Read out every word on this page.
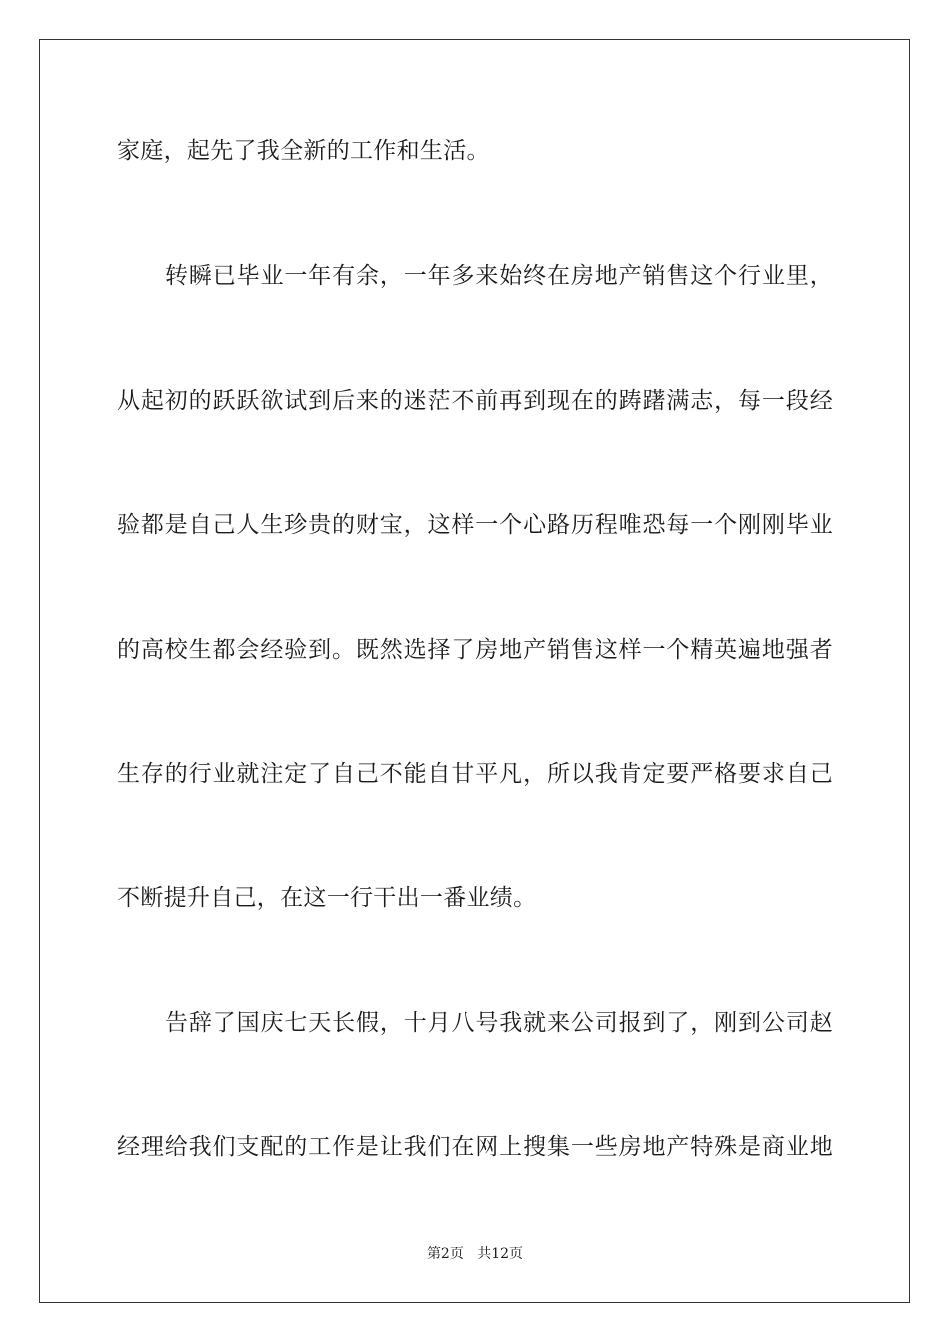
家庭，起先了我全新的工作和生活。
转瞬已毕业一年有余，一年多来始终在房地产销售这个行业里，
从起初的跃跃欲试到后来的迷茫不前再到现在的踌躇满志，每一段经
验都是自己人生珍贵的财宝，这样一个心路历程唯恐每一个刚刚毕业
的高校生都会经验到。既然选择了房地产销售这样一个精英遍地强者
生存的行业就注定了自己不能自甘平凡，所以我肯定要严格要求自己
不断提升自己，在这一行干出一番业绩。
告辞了国庆七天长假，十月八号我就来公司报到了，刚到公司赵
经理给我们支配的工作是让我们在网上搜集一些房地产特殊是商业地
第2页 共12页
